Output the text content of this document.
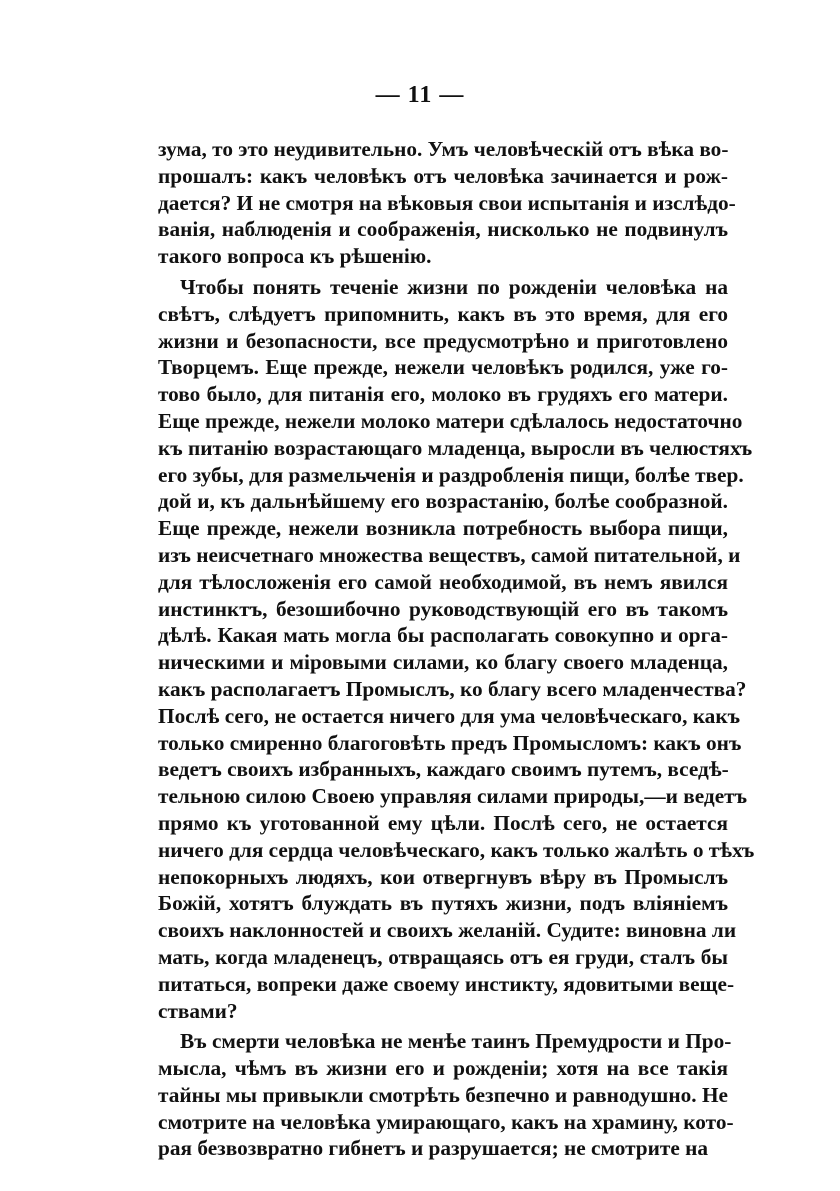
— 11 —
зума, то это неудивительно. Умъ человѣческій отъ вѣка во-
прошалъ: какъ человѣкъ отъ человѣка зачинается и рож-
дается? И не смотря на вѣковыя свои испытанія и изслѣдо-
ванія, наблюденія и соображенія, нисколько не подвинулъ
такого вопроса къ рѣшенію.
Чтобы понять теченіе жизни по рожденіи человѣка на
свѣтъ, слѣдуетъ припомнить, какъ въ это время, для его
жизни и безопасности, все предусмотрѣно и приготовлено
Творцемъ. Еще прежде, нежели человѣкъ родился, уже го-
тово было, для питанія его, молоко въ грудяхъ его матери.
Еще прежде, нежели молоко матери сдѣлалось недостаточно
къ питанію возрастающаго младенца, выросли въ челюстяхъ
его зубы, для размельченія и раздробленія пищи, болѣе твер.
дой и, къ дальнѣйшему его возрастанію, болѣе сообразной.
Еще прежде, нежели возникла потребность выбора пищи,
изъ неисчетнаго множества веществъ, самой питательной, и
для тѣлосложенія его самой необходимой, въ немъ явился
инстинктъ, безошибочно руководствующій его въ такомъ
дѣлѣ. Какая мать могла бы располагать совокупно и орга-
ническими и міровыми силами, ко благу своего младенца,
какъ располагаетъ Промыслъ, ко благу всего младенчества?
Послѣ сего, не остается ничего для ума человѣческаго, какъ
только смиренно благоговѣть предъ Промысломъ: какъ онъ
ведетъ своихъ избранныхъ, каждаго своимъ путемъ, вседѣ-
тельною силою Своею управляя силами природы,—и ведетъ
прямо къ уготованной ему цѣли. Послѣ сего, не остается
ничего для сердца человѣческаго, какъ только жалѣть о тѣхъ
непокорныхъ людяхъ, кои отвергнувъ вѣру въ Промыслъ
Божій, хотятъ блуждать въ путяхъ жизни, подъ вліяніемъ
своихъ наклонностей и своихъ желаній. Судите: виновна ли
мать, когда младенецъ, отвращаясь отъ ея груди, сталъ бы
питаться, вопреки даже своему инстикту, ядовитыми веще-
ствами?
Въ смерти человѣка не менѣе таинъ Премудрости и Про-
мысла, чѣмъ въ жизни его и рожденіи; хотя на все такія
тайны мы привыкли смотрѣть безпечно и равнодушно. Не
смотрите на человѣка умирающаго, какъ на храмину, кото-
рая безвозвратно гибнетъ и разрушается; не смотрите на
